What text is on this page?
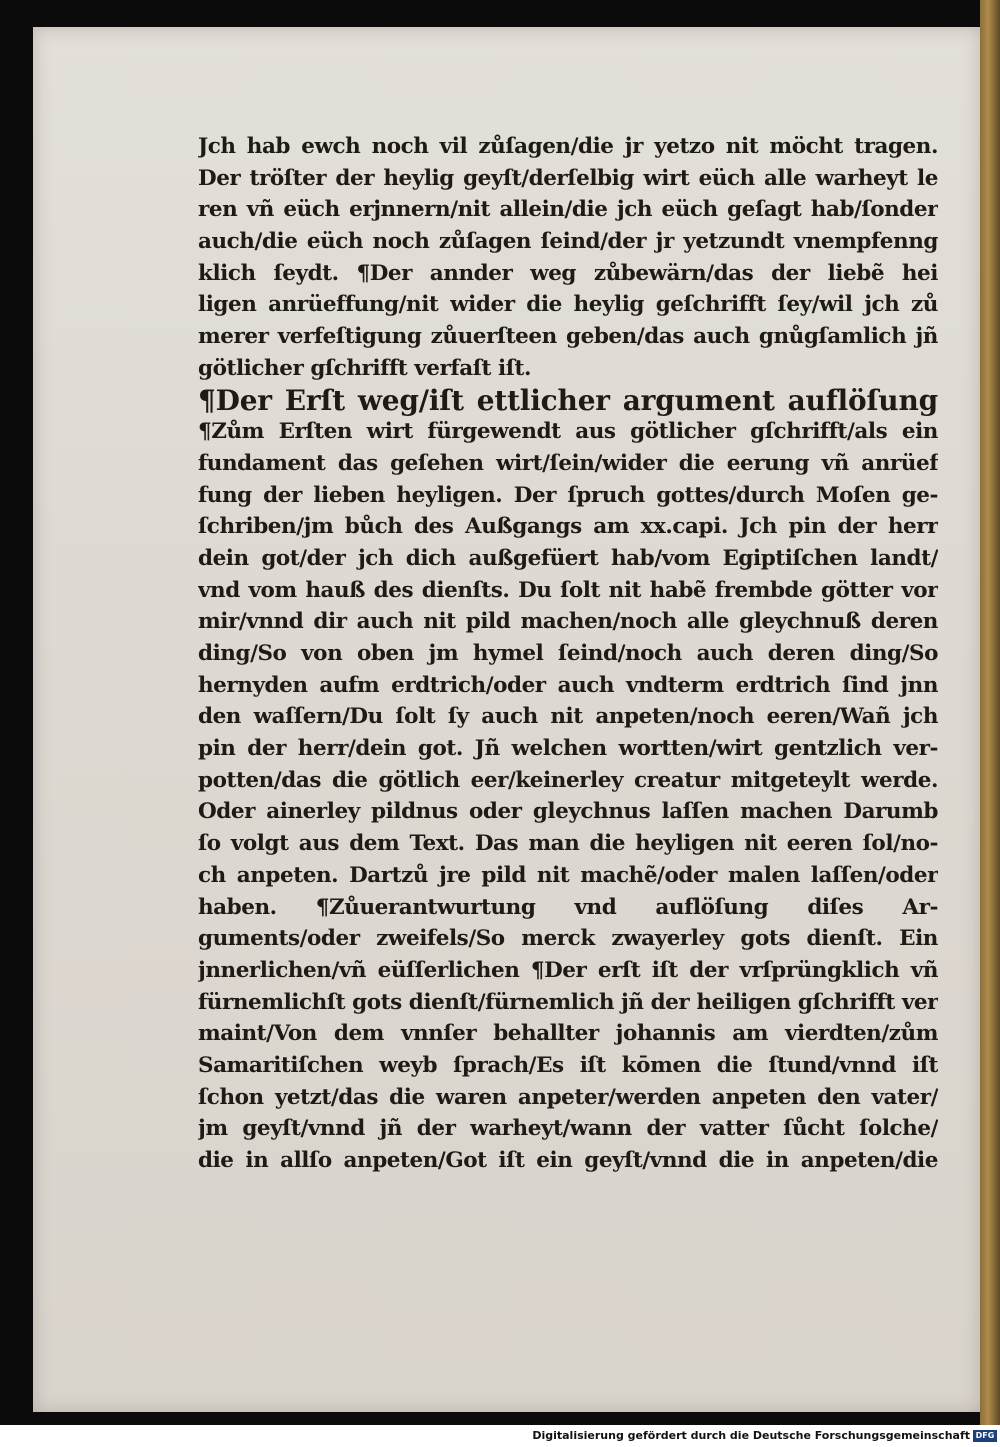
Jch hab ewch noch vil zůſagen/die jr yetzo nit möcht tragen.
Der tröſter der heylig geyſt/derſelbig wirt eüch alle warheyt le
ren vñ eüch erjnnern/nit allein/die jch eüch geſagt hab/ſonder
auch/die eüch noch zůſagen ſeind/der jr yetzundt vnempfenng
klich ſeydt. ¶Der annder weg zůbewärn/das der liebẽ hei
ligen anrüeffung/nit wider die heylig geſchrifft ſey/wil jch zů
merer verfeſtigung zůuerſteen geben/das auch gnůgſamlich jñ
götlicher gſchrifft verfaſt iſt.
¶Der Erſt weg/iſt ettlicher argument auflöſung
¶Zům Erſten wirt fürgewendt aus götlicher gſchrifft/als ein
fundament das geſehen wirt/ſein/wider die eerung vñ anrüef
fung der lieben heyligen. Der ſpruch gottes/durch Moſen ge-
ſchriben/jm bůch des Außgangs am xx.capi. Jch pin der herr
dein got/der jch dich außgefüert hab/vom Egiptiſchen landt/
vnd vom hauß des dienſts. Du ſolt nit habẽ frembde götter vor
mir/vnnd dir auch nit pild machen/noch alle gleychnuß deren
ding/So von oben jm hymel ſeind/noch auch deren ding/So
hernyden aufm erdtrich/oder auch vndterm erdtrich ſind jnn
den waſſern/Du ſolt ſy auch nit anpeten/noch eeren/Wañ jch
pin der herr/dein got. Jñ welchen wortten/wirt gentzlich ver-
potten/das die götlich eer/keinerley creatur mitgeteylt werde.
Oder ainerley pildnus oder gleychnus laſſen machen Darumb
ſo volgt aus dem Text. Das man die heyligen nit eeren ſol/no-
ch anpeten. Dartzů jre pild nit machẽ/oder malen laſſen/oder
haben. ¶Zůuerantwurtung vnd auflöſung diſes Ar-
guments/oder zweifels/So merck zwayerley gots dienſt. Ein
jnnerlichen/vñ eüſſerlichen ¶Der erſt iſt der vrſprüngklich vñ
fürnemlichſt gots dienſt/fürnemlich jñ der heiligen gſchrifft ver
maint/Von dem vnnſer behallter johannis am vierdten/zům
Samaritiſchen weyb ſprach/Es iſt kōmen die ſtund/vnnd iſt
ſchon yetzt/das die waren anpeter/werden anpeten den vater/
jm geyſt/vnnd jñ der warheyt/wann der vatter ſůcht ſolche/
die in allſo anpeten/Got iſt ein geyſt/vnnd die in anpeten/die
Digitalisierung gefördert durch die Deutsche Forschungsgemeinschaft DFG
